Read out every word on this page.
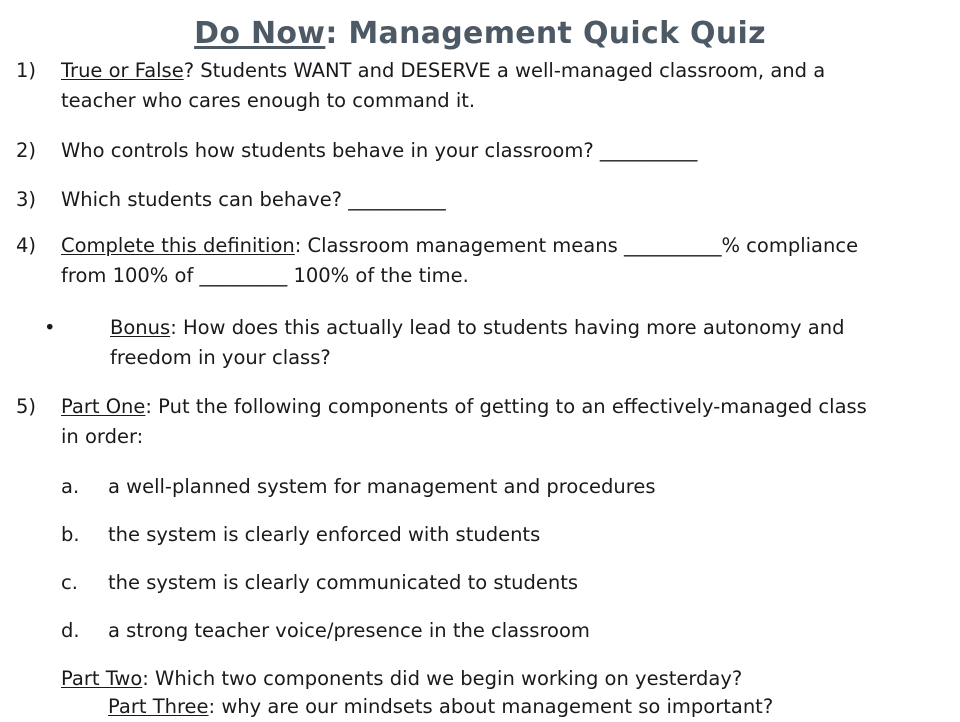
Do Now: Management Quick Quiz
1) True or False? Students WANT and DESERVE a well-managed classroom, and a
teacher who cares enough to command it.
2) Who controls how students behave in your classroom? __________
3) Which students can behave? __________
4) Complete this definition: Classroom management means __________% compliance
from 100% of _________ 100% of the time.
•	Bonus: How does this actually lead to students having more autonomy and
freedom in your class?
5) Part One: Put the following components of getting to an effectively-managed class
in order:
a. a well-planned system for management and procedures
b. the system is clearly enforced with students
c. the system is clearly communicated to students
d. a strong teacher voice/presence in the classroom
Part Two: Which two components did we begin working on yesterday?
Part Three: why are our mindsets about management so important?
